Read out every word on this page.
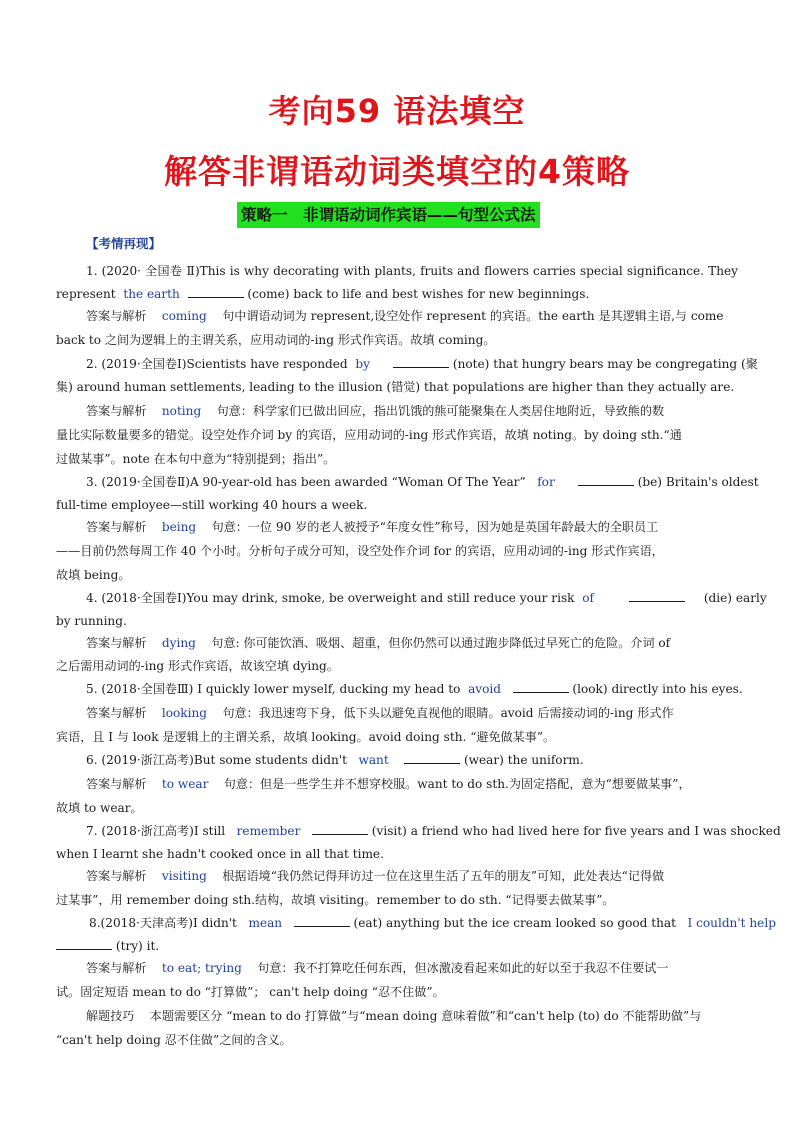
考向59 语法填空
解答非谓语动词类填空的4策略
策略一　非谓语动词作宾语——句型公式法
【考情再现】
1. (2020· 全国卷 Ⅱ)This is why decorating with plants, fruits and flowers carries special significance. They
represent the earth	(come) back to life and best wishes for new beginnings.
答案与解析 coming 句中谓语动词为 represent,设空处作 represent 的宾语。the earth 是其逻辑主语,与 come
back to 之间为逻辑上的主谓关系，应用动词的-ing 形式作宾语。故填 coming。
2. (2019·全国卷Ⅰ)Scientists have responded by	(note) that hungry bears may be congregating (聚
集) around human settlements, leading to the illusion (错觉) that populations are higher than they actually are.
答案与解析 noting 句意：科学家们已做出回应，指出饥饿的熊可能聚集在人类居住地附近，导致熊的数
量比实际数量要多的错觉。设空处作介词 by 的宾语，应用动词的-ing 形式作宾语，故填 noting。by doing sth.“通
过做某事”。note 在本句中意为“特别提到；指出”。
3. (2019·全国卷Ⅱ)A 90-year-old has been awarded “Woman Of The Year” for	(be) Britain's oldest
full-time employee—still working 40 hours a week.
答案与解析 being 句意：一位 90 岁的老人被授予“年度女性”称号，因为她是英国年龄最大的全职员工
——目前仍然每周工作 40 个小时。分析句子成分可知，设空处作介词 for 的宾语，应用动词的-ing 形式作宾语，
故填 being。
4. (2018·全国卷Ⅰ)You may drink, smoke, be overweight and still reduce your risk of	(die) early
by running.
答案与解析 dying 句意: 你可能饮酒、吸烟、超重，但你仍然可以通过跑步降低过早死亡的危险。介词 of
之后需用动词的-ing 形式作宾语，故该空填 dying。
5. (2018·全国卷Ⅲ) I quickly lower myself, ducking my head to avoid	(look) directly into his eyes.
答案与解析 looking 句意：我迅速弯下身，低下头以避免直视他的眼睛。avoid 后需接动词的-ing 形式作
宾语，且 I 与 look 是逻辑上的主谓关系，故填 looking。avoid doing sth. “避免做某事”。
6. (2019·浙江高考)But some students didn't want	(wear) the uniform.
答案与解析 to wear 句意：但是一些学生并不想穿校服。want to do sth.为固定搭配，意为“想要做某事”，
故填 to wear。
7. (2018·浙江高考)I still remember	(visit) a friend who had lived here for five years and I was shocked
when I learnt she hadn't cooked once in all that time.
答案与解析 visiting 根据语境“我仍然记得拜访过一位在这里生活了五年的朋友”可知，此处表达“记得做
过某事”，用 remember doing sth.结构，故填 visiting。remember to do sth. “记得要去做某事”。
8.(2018·天津高考)I didn't mean	(eat) anything but the ice cream looked so good that I couldn't help
(try) it.
答案与解析 to eat; trying 句意：我不打算吃任何东西，但冰激凌看起来如此的好以至于我忍不住要试一
试。固定短语 mean to do “打算做”； can't help doing “忍不住做”。
解题技巧 本题需要区分 “mean to do 打算做”与“mean doing 意味着做”和“can't help (to) do 不能帮助做”与
“can't help doing 忍不住做”之间的含义。
